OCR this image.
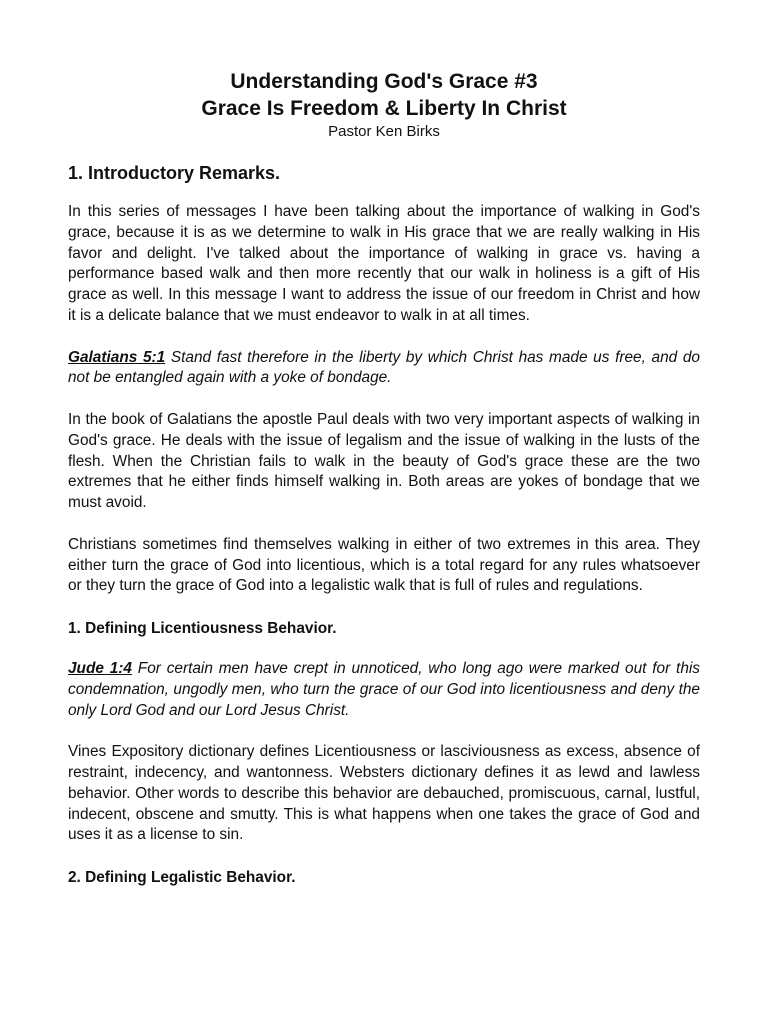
Understanding God's Grace #3
Grace Is Freedom & Liberty In Christ
Pastor Ken Birks
1. Introductory Remarks.

In this series of messages I have been talking about the importance of walking in God's grace, because it is as we determine to walk in His grace that we are really walking in His favor and delight. I've talked about the importance of walking in grace vs. having a performance based walk and then more recently that our walk in holiness is a gift of His grace as well. In this message I want to address the issue of our freedom in Christ and how it is a delicate balance that we must endeavor to walk in at all times.

Galatians 5:1 Stand fast therefore in the liberty by which Christ has made us free, and do not be entangled again with a yoke of bondage.

In the book of Galatians the apostle Paul deals with two very important aspects of walking in God's grace. He deals with the issue of legalism and the issue of walking in the lusts of the flesh. When the Christian fails to walk in the beauty of God's grace these are the two extremes that he either finds himself walking in. Both areas are yokes of bondage that we must avoid.

Christians sometimes find themselves walking in either of two extremes in this area. They either turn the grace of God into licentious, which is a total regard for any rules whatsoever or they turn the grace of God into a legalistic walk that is full of rules and regulations.

1. Defining Licentiousness Behavior.

Jude 1:4 For certain men have crept in unnoticed, who long ago were marked out for this condemnation, ungodly men, who turn the grace of our God into licentiousness and deny the only Lord God and our Lord Jesus Christ.

Vines Expository dictionary defines Licentiousness or lasciviousness as excess, absence of restraint, indecency, and wantonness. Websters dictionary defines it as lewd and lawless behavior. Other words to describe this behavior are debauched, promiscuous, carnal, lustful, indecent, obscene and smutty. This is what happens when one takes the grace of God and uses it as a license to sin.

2. Defining Legalistic Behavior.
